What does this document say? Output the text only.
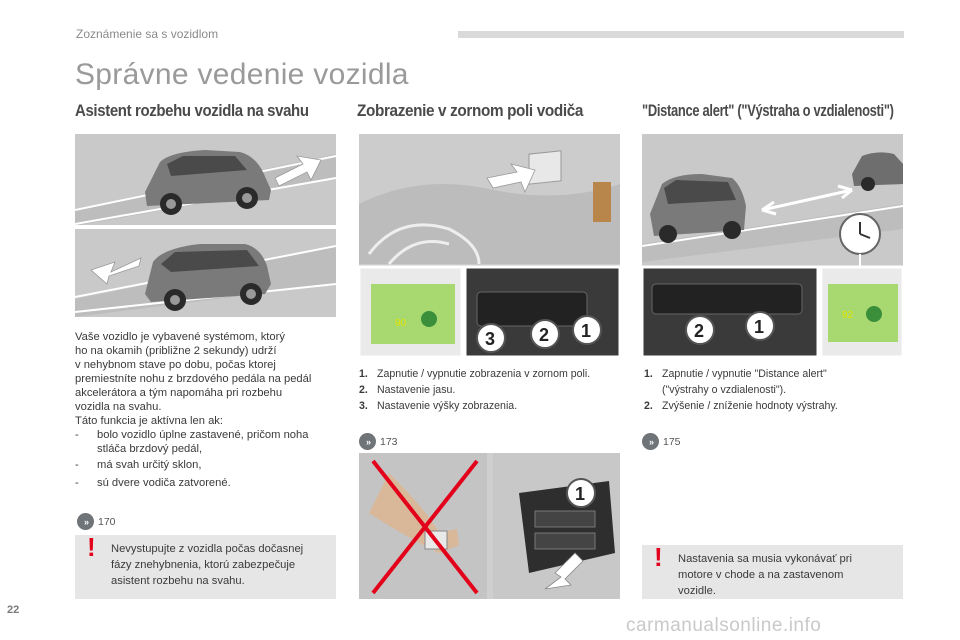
Zoznámenie sa s vozidlom
Správne vedenie vozidla
Asistent rozbehu vozidla na svahu	Zobrazenie v zornom poli vodiča	"Distance alert" ("Výstraha o vzdialenosti")

Vaše vozidlo je vybavené systémom, ktorý

ho na okamih (približne 2 sekundy) udrží

v nehybnom stave po dobu, počas ktorej

premiestníte nohu z brzdového pedála na pedál

akcelerátora a tým napomáha pri rozbehu

vozidla na svahu.

Táto funkcia je aktívna len ak:

-	bolo vozidlo úplne zastavené, pričom noha

stláča brzdový pedál,

-	má svah určitý sklon,

-	sú dvere vodiča zatvorené.

»	170
! Nevystupujte z vozidla počas dočasnej

fázy znehybnenia, ktorú zabezpečuje

asistent rozbehu na svahu.

90
3 2 1
1. Zapnutie / vypnutie zobrazenia v zornom poli.
2. Nastavenie jasu.
3. Nastavenie výšky zobrazenia.
»	173
1
2	1
92
1. Zapnutie / vypnutie "Distance alert"

("výstrahy o vzdialenosti").

2. Zvýšenie / zníženie hodnoty výstrahy.

»	175
! Nastavenia sa musia vykonávať pri

motore v chode a na zastavenom

vozidle.

22
carmanualsonline.info
